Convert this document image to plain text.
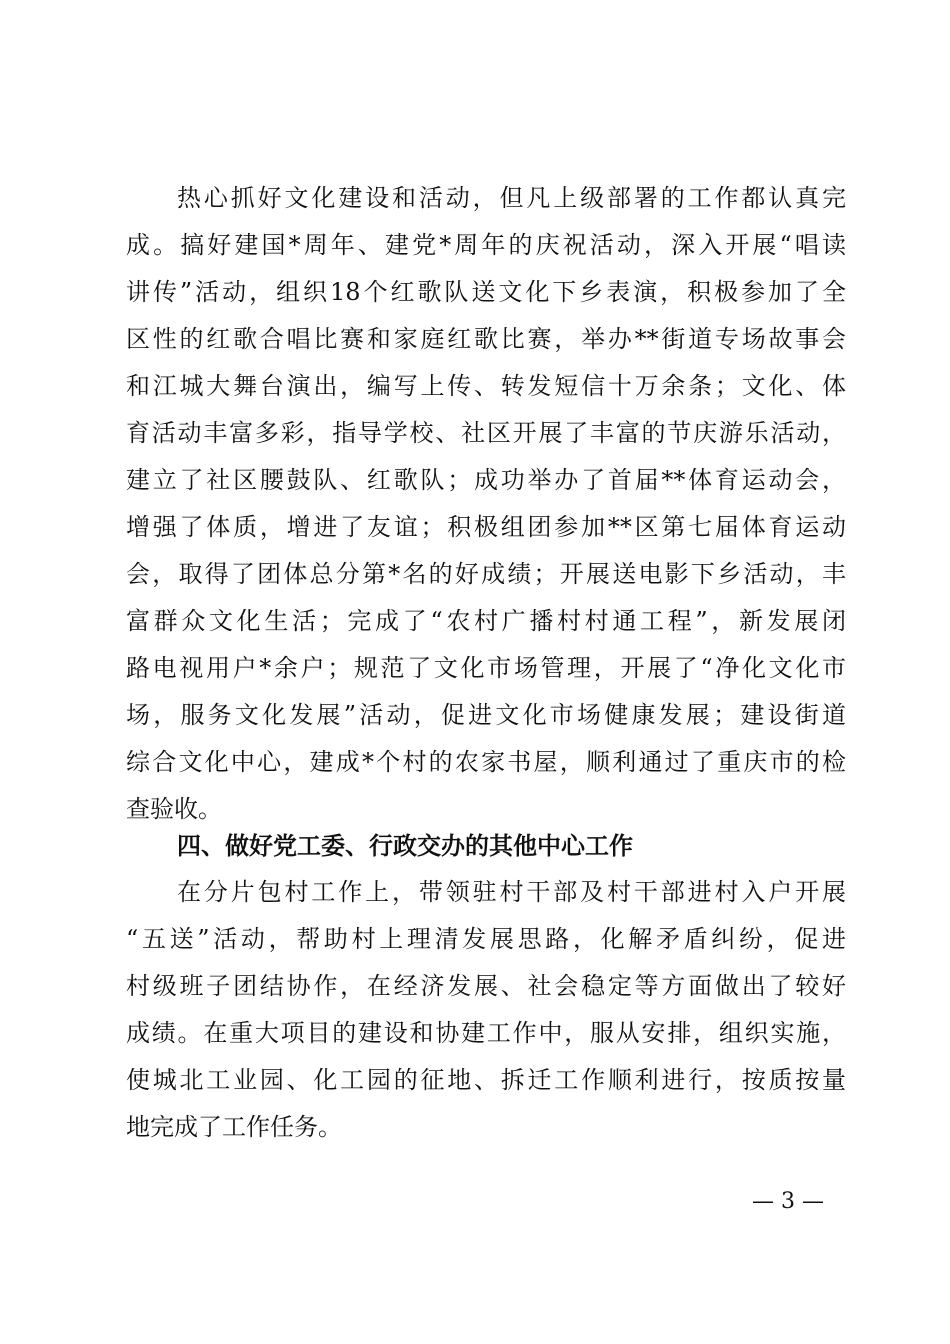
热心抓好文化建设和活动，但凡上级部署的工作都认真完
成。搞好建国*周年、建党*周年的庆祝活动，深入开展“唱读
讲传”活动，组织18个红歌队送文化下乡表演，积极参加了全
区性的红歌合唱比赛和家庭红歌比赛，举办**街道专场故事会
和江城大舞台演出，编写上传、转发短信十万余条；文化、体
育活动丰富多彩，指导学校、社区开展了丰富的节庆游乐活动，
建立了社区腰鼓队、红歌队；成功举办了首届**体育运动会，
增强了体质，增进了友谊；积极组团参加**区第七届体育运动
会，取得了团体总分第*名的好成绩；开展送电影下乡活动，丰
富群众文化生活；完成了“农村广播村村通工程”，新发展闭
路电视用户*余户；规范了文化市场管理，开展了“净化文化市
场，服务文化发展”活动，促进文化市场健康发展；建设街道
综合文化中心，建成*个村的农家书屋，顺利通过了重庆市的检
查验收。
四、做好党工委、行政交办的其他中心工作
在分片包村工作上，带领驻村干部及村干部进村入户开展
“五送”活动，帮助村上理清发展思路，化解矛盾纠纷，促进
村级班子团结协作，在经济发展、社会稳定等方面做出了较好
成绩。在重大项目的建设和协建工作中，服从安排，组织实施，
使城北工业园、化工园的征地、拆迁工作顺利进行，按质按量
地完成了工作任务。
— 3 —
